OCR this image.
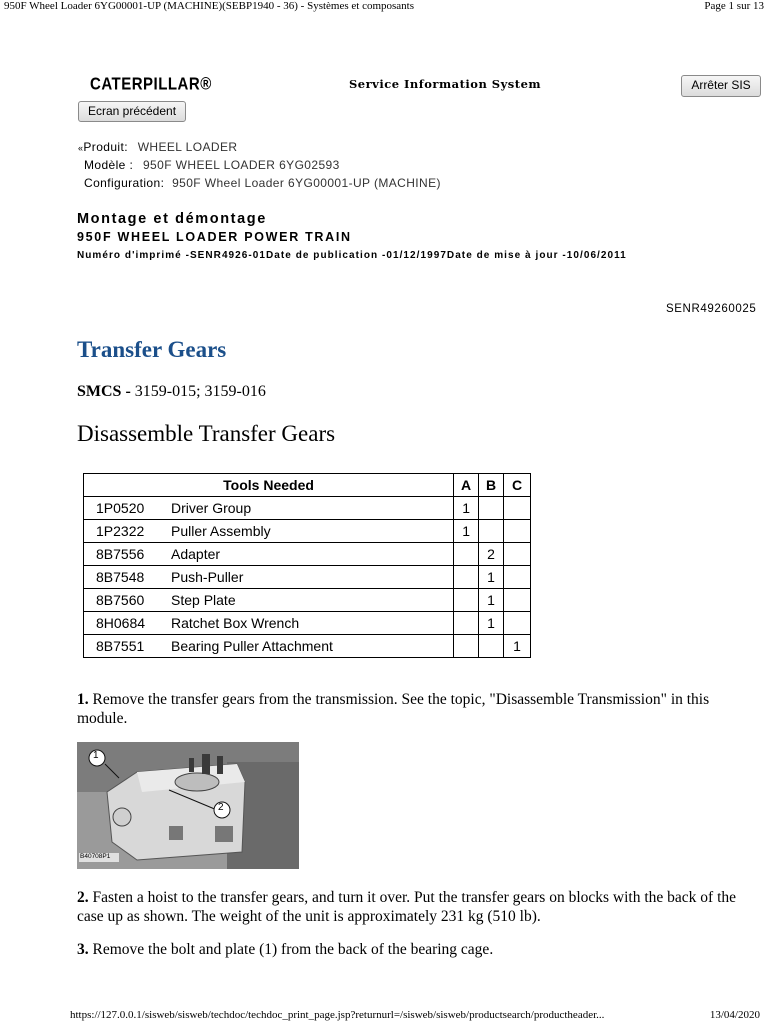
950F Wheel Loader 6YG00001-UP (MACHINE)(SEBP1940 - 36) - Systèmes et composants	Page 1 sur 13
CATERPILLAR®	Service Information System	Arrêter SIS
Ecran précédent
«Produit: WHEEL LOADER
Modèle : 950F WHEEL LOADER 6YG02593
Configuration: 950F Wheel Loader 6YG00001-UP (MACHINE)
Montage et démontage
950F WHEEL LOADER POWER TRAIN
Numéro d'imprimé -SENR4926-01Date de publication -01/12/1997Date de mise à jour -10/06/2011
SENR49260025
Transfer Gears
SMCS - 3159-015; 3159-016
Disassemble Transfer Gears
Tools Needed	A	B	C
1P0520 Driver Group	1		
1P2322 Puller Assembly	1		
8B7556 Adapter		2	
8B7548 Push-Puller		1	
8B7560 Step Plate		1	
8H0684 Ratchet Box Wrench		1	
8B7551 Bearing Puller Attachment			1
1. Remove the transfer gears from the transmission. See the topic, "Disassemble Transmission" in this module.
1
2
B40708P1
2. Fasten a hoist to the transfer gears, and turn it over. Put the transfer gears on blocks with the back of the case up as shown. The weight of the unit is approximately 231 kg (510 lb).
3. Remove the bolt and plate (1) from the back of the bearing cage.
https://127.0.0.1/sisweb/sisweb/techdoc/techdoc_print_page.jsp?returnurl=/sisweb/sisweb/productsearch/productheader...	13/04/2020
